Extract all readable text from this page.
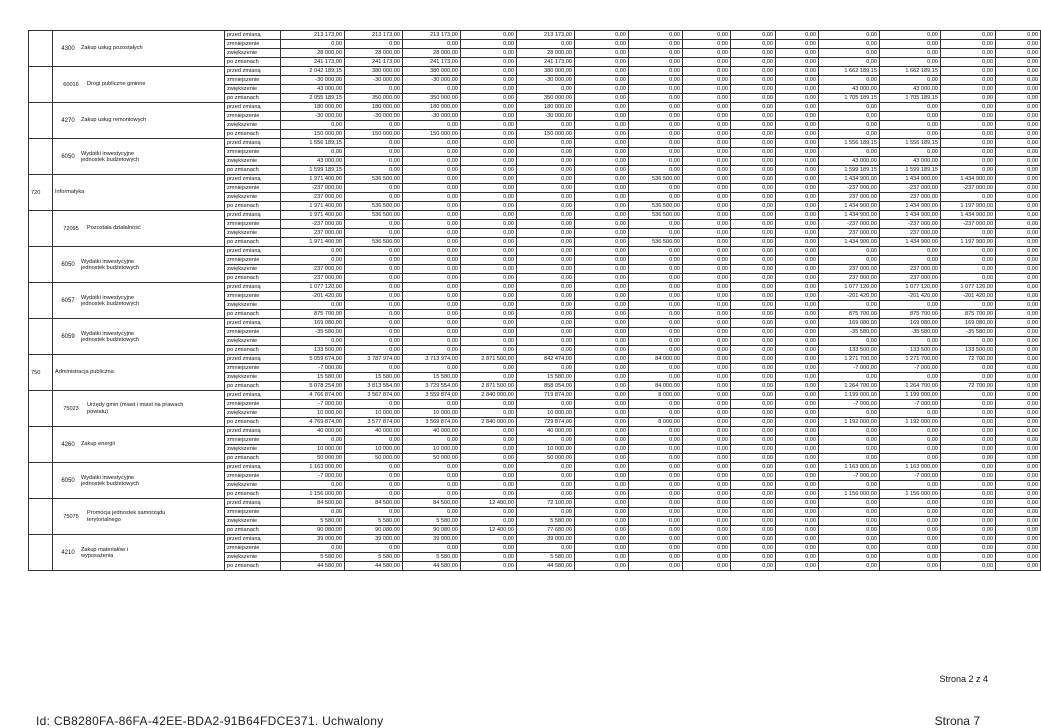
	4300 Zakup usług pozostałych	przed zmianą	213 173,00	213 173,00	213 173,00	0,00	213 173,00	0,00	0,00	0,00	0,00	0,00	0,00	0,00	0,00	0,00
		zmniejszenie	0,00	0,00	0,00	0,00	0,00	0,00	0,00	0,00	0,00	0,00	0,00	0,00	0,00	0,00
		zwiększenie	28 000,00	28 000,00	28 000,00	0,00	28 000,00	0,00	0,00	0,00	0,00	0,00	0,00	0,00	0,00	0,00
		po zmianach	241 173,00	241 173,00	241 173,00	0,00	241 173,00	0,00	0,00	0,00	0,00	0,00	0,00	0,00	0,00	0,00
	60016 Drogi publiczne gminne	przed zmianą	2 042 189,15	380 000,00	380 000,00	0,00	380 000,00	0,00	0,00	0,00	0,00	0,00	1 662 189,15	1 662 189,15	0,00	0,00
		zmniejszenie	-30 000,00	-30 000,00	-30 000,00	0,00	-30 000,00	0,00	0,00	0,00	0,00	0,00	0,00	0,00	0,00	0,00
		zwiększenie	43 000,00	0,00	0,00	0,00	0,00	0,00	0,00	0,00	0,00	0,00	43 000,00	43 000,00	0,00	0,00
		po zmianach	2 055 189,15	350 000,00	350 000,00	0,00	350 000,00	0,00	0,00	0,00	0,00	0,00	1 705 189,15	1 705 189,15	0,00	0,00
	4270 Zakup usług remontowych	przed zmianą	180 000,00	180 000,00	180 000,00	0,00	180 000,00	0,00	0,00	0,00	0,00	0,00	0,00	0,00	0,00	0,00
		zmniejszenie	-30 000,00	-30 000,00	-30 000,00	0,00	-30 000,00	0,00	0,00	0,00	0,00	0,00	0,00	0,00	0,00	0,00
		zwiększenie	0,00	0,00	0,00	0,00	0,00	0,00	0,00	0,00	0,00	0,00	0,00	0,00	0,00	0,00
		po zmianach	150 000,00	150 000,00	150 000,00	0,00	150 000,00	0,00	0,00	0,00	0,00	0,00	0,00	0,00	0,00	0,00
	6050Wydatki inwestycyjne jednostek budżetowych	przed zmianą	1 556 189,15	0,00	0,00	0,00	0,00	0,00	0,00	0,00	0,00	0,00	1 556 189,15	1 556 189,15	0,00	0,00
		zmniejszenie	0,00	0,00	0,00	0,00	0,00	0,00	0,00	0,00	0,00	0,00	0,00	0,00	0,00	0,00
		zwiększenie	43 000,00	0,00	0,00	0,00	0,00	0,00	0,00	0,00	0,00	0,00	43 000,00	43 000,00	0,00	0,00
		po zmianach	1 599 189,15	0,00	0,00	0,00	0,00	0,00	0,00	0,00	0,00	0,00	1 599 189,15	1 599 189,15	0,00	0,00
720	Informatyka	przed zmianą	1 971 400,00	536 500,00	0,00	0,00	0,00	0,00	536 500,00	0,00	0,00	0,00	1 434 900,00	1 434 900,00	1 434 900,00	0,00
		zmniejszenie	-237 000,00	0,00	0,00	0,00	0,00	0,00	0,00	0,00	0,00	0,00	-237 000,00	-237 000,00	-237 000,00	0,00
		zwiększenie	237 000,00	0,00	0,00	0,00	0,00	0,00	0,00	0,00	0,00	0,00	237 000,00	237 000,00	0,00	0,00
		po zmianach	1 971 400,00	536 500,00	0,00	0,00	0,00	0,00	536 500,00	0,00	0,00	0,00	1 434 900,00	1 434 900,00	1 197 900,00	0,00
	72095 Pozostała działalność	przed zmianą	1 971 400,00	536 500,00	0,00	0,00	0,00	0,00	536 500,00	0,00	0,00	0,00	1 434 900,00	1 434 900,00	1 434 900,00	0,00
		zmniejszenie	-237 000,00	0,00	0,00	0,00	0,00	0,00	0,00	0,00	0,00	0,00	-237 000,00	-237 000,00	-237 000,00	0,00
		zwiększenie	237 000,00	0,00	0,00	0,00	0,00	0,00	0,00	0,00	0,00	0,00	237 000,00	237 000,00	0,00	0,00
		po zmianach	1 971 400,00	536 500,00	0,00	0,00	0,00	0,00	536 500,00	0,00	0,00	0,00	1 434 900,00	1 434 900,00	1 197 900,00	0,00
	6050Wydatki inwestycyjne jednostek budżetowych	przed zmianą	0,00	0,00	0,00	0,00	0,00	0,00	0,00	0,00	0,00	0,00	0,00	0,00	0,00	0,00
		zmniejszenie	0,00	0,00	0,00	0,00	0,00	0,00	0,00	0,00	0,00	0,00	0,00	0,00	0,00	0,00
		zwiększenie	237 000,00	0,00	0,00	0,00	0,00	0,00	0,00	0,00	0,00	0,00	237 000,00	237 000,00	0,00	0,00
		po zmianach	237 000,00	0,00	0,00	0,00	0,00	0,00	0,00	0,00	0,00	0,00	237 000,00	237 000,00	0,00	0,00
	6057Wydatki inwestycyjne jednostek budżetowych	przed zmianą	1 077 120,00	0,00	0,00	0,00	0,00	0,00	0,00	0,00	0,00	0,00	1 077 120,00	1 077 120,00	1 077 120,00	0,00
		zmniejszenie	-201 420,00	0,00	0,00	0,00	0,00	0,00	0,00	0,00	0,00	0,00	-201 420,00	-201 420,00	-201 420,00	0,00
		zwiększenie	0,00	0,00	0,00	0,00	0,00	0,00	0,00	0,00	0,00	0,00	0,00	0,00	0,00	0,00
		po zmianach	875 700,00	0,00	0,00	0,00	0,00	0,00	0,00	0,00	0,00	0,00	875 700,00	875 700,00	875 700,00	0,00
	6059Wydatki inwestycyjne jednostek budżetowych	przed zmianą	169 080,00	0,00	0,00	0,00	0,00	0,00	0,00	0,00	0,00	0,00	169 080,00	169 080,00	169 080,00	0,00
		zmniejszenie	-35 580,00	0,00	0,00	0,00	0,00	0,00	0,00	0,00	0,00	0,00	-35 580,00	-35 580,00	-35 580,00	0,00
		zwiększenie	0,00	0,00	0,00	0,00	0,00	0,00	0,00	0,00	0,00	0,00	0,00	0,00	0,00	0,00
		po zmianach	133 500,00	0,00	0,00	0,00	0,00	0,00	0,00	0,00	0,00	0,00	133 500,00	133 500,00	133 500,00	0,00
750	Administracja publiczna	przed zmianą	5 059 674,00	3 787 974,00	3 713 974,00	2 871 500,00	842 474,00	0,00	84 000,00	0,00	0,00	0,00	1 271 700,00	1 271 700,00	72 700,00	0,00
		zmniejszenie	-7 000,00	0,00	0,00	0,00	0,00	0,00	0,00	0,00	0,00	0,00	-7 000,00	-7 000,00	0,00	0,00
		zwiększenie	15 580,00	15 580,00	15 580,00	0,00	15 580,00	0,00	0,00	0,00	0,00	0,00	0,00	0,00	0,00	0,00
		po zmianach	5 078 254,00	3 813 554,00	3 729 554,00	2 871 500,00	858 054,00	0,00	84 000,00	0,00	0,00	0,00	1 264 700,00	1 264 700,00	72 700,00	0,00
	75023Urzędy gmin (miast i miast na prawach powiatu)	przed zmianą	4 766 874,00	3 567 874,00	3 559 874,00	2 840 000,00	719 874,00	0,00	8 000,00	0,00	0,00	0,00	1 199 000,00	1 199 000,00	0,00	0,00
		zmniejszenie	-7 000,00	0,00	0,00	0,00	0,00	0,00	0,00	0,00	0,00	0,00	-7 000,00	-7 000,00	0,00	0,00
		zwiększenie	10 000,00	10 000,00	10 000,00	0,00	10 000,00	0,00	0,00	0,00	0,00	0,00	0,00	0,00	0,00	0,00
		po zmianach	4 769 874,00	3 577 874,00	3 569 874,00	2 840 000,00	729 874,00	0,00	8 000,00	0,00	0,00	0,00	1 192 000,00	1 192 000,00	0,00	0,00
	4260 Zakup energii	przed zmianą	40 000,00	40 000,00	40 000,00	0,00	40 000,00	0,00	0,00	0,00	0,00	0,00	0,00	0,00	0,00	0,00
		zmniejszenie	0,00	0,00	0,00	0,00	0,00	0,00	0,00	0,00	0,00	0,00	0,00	0,00	0,00	0,00
		zwiększenie	10 000,00	10 000,00	10 000,00	0,00	10 000,00	0,00	0,00	0,00	0,00	0,00	0,00	0,00	0,00	0,00
		po zmianach	50 000,00	50 000,00	50 000,00	0,00	50 000,00	0,00	0,00	0,00	0,00	0,00	0,00	0,00	0,00	0,00
	6050Wydatki inwestycyjne jednostek budżetowych	przed zmianą	1 163 000,00	0,00	0,00	0,00	0,00	0,00	0,00	0,00	0,00	0,00	1 163 000,00	1 163 000,00	0,00	0,00
		zmniejszenie	-7 000,00	0,00	0,00	0,00	0,00	0,00	0,00	0,00	0,00	0,00	-7 000,00	-7 000,00	0,00	0,00
		zwiększenie	0,00	0,00	0,00	0,00	0,00	0,00	0,00	0,00	0,00	0,00	0,00	0,00	0,00	0,00
		po zmianach	1 156 000,00	0,00	0,00	0,00	0,00	0,00	0,00	0,00	0,00	0,00	1 156 000,00	1 156 000,00	0,00	0,00
	75075Promocja jednostek samorządu terytorialnego	przed zmianą	84 500,00	84 500,00	84 500,00	12 400,00	72 100,00	0,00	0,00	0,00	0,00	0,00	0,00	0,00	0,00	0,00
		zmniejszenie	0,00	0,00	0,00	0,00	0,00	0,00	0,00	0,00	0,00	0,00	0,00	0,00	0,00	0,00
		zwiększenie	5 580,00	5 580,00	5 580,00	0,00	5 580,00	0,00	0,00	0,00	0,00	0,00	0,00	0,00	0,00	0,00
		po zmianach	90 080,00	90 080,00	90 080,00	12 400,00	77 680,00	0,00	0,00	0,00	0,00	0,00	0,00	0,00	0,00	0,00
	4210Zakup materiałów i wyposażenia	przed zmianą	39 000,00	39 000,00	39 000,00	0,00	39 000,00	0,00	0,00	0,00	0,00	0,00	0,00	0,00	0,00	0,00
		zmniejszenie	0,00	0,00	0,00	0,00	0,00	0,00	0,00	0,00	0,00	0,00	0,00	0,00	0,00	0,00
		zwiększenie	5 580,00	5 580,00	5 580,00	0,00	5 580,00	0,00	0,00	0,00	0,00	0,00	0,00	0,00	0,00	0,00
		po zmianach	44 580,00	44 580,00	44 580,00	0,00	44 580,00	0,00	0,00	0,00	0,00	0,00	0,00	0,00	0,00	0,00
Strona 2 z 4
Id: CB8280FA-86FA-42EE-BDA2-91B64FDCE371. Uchwalony	Strona 7
